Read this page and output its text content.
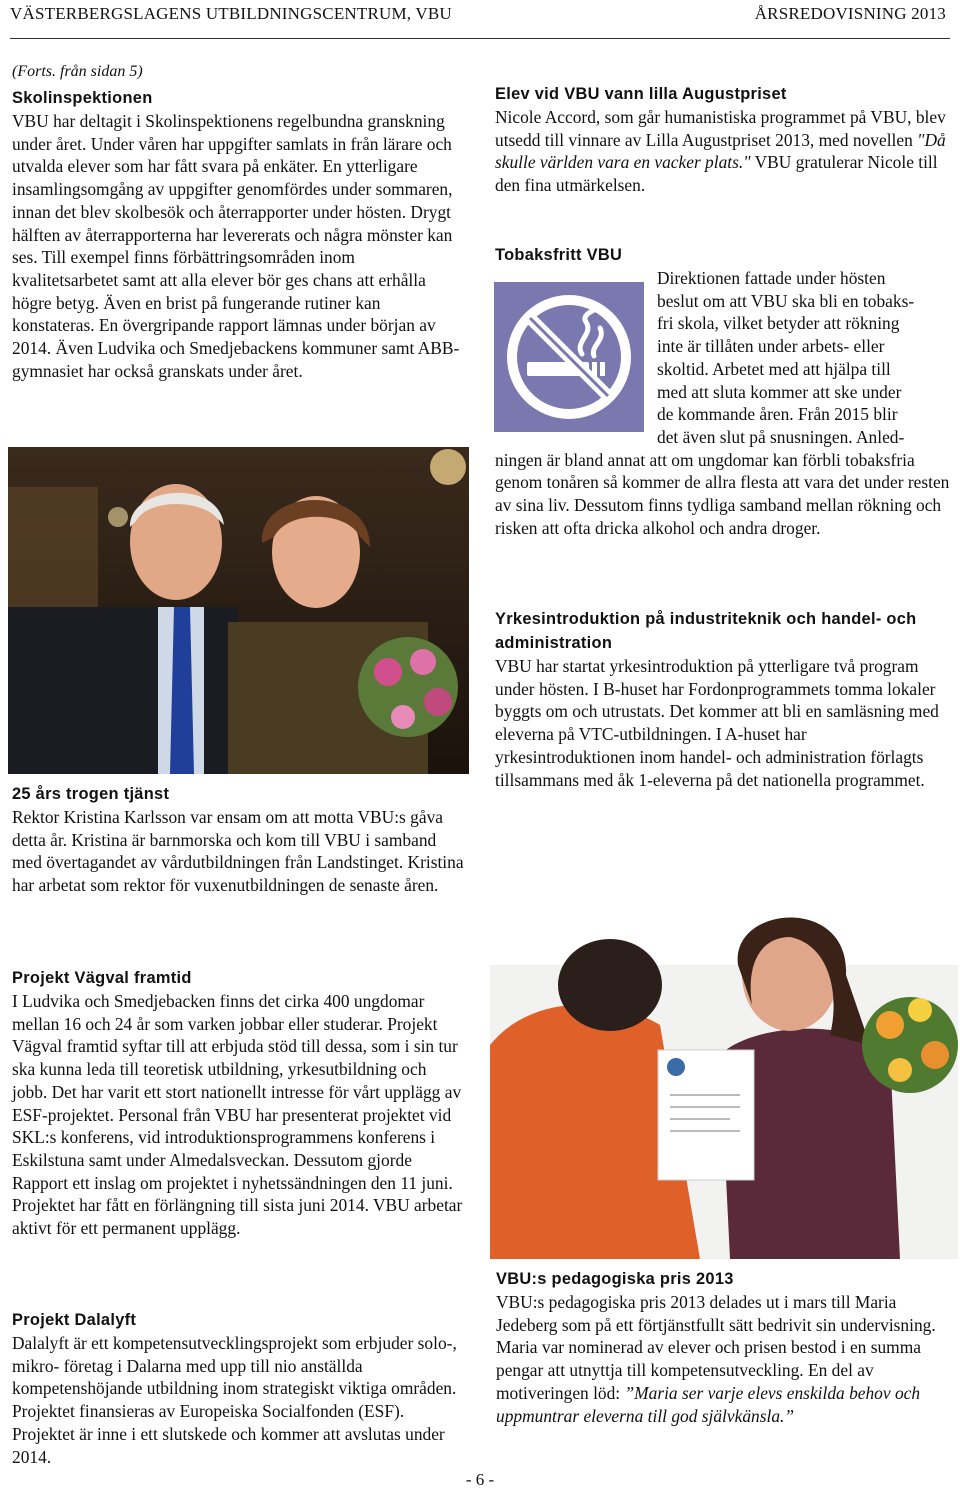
VÄSTERBERGSLAGENS UTBILDNINGSCENTRUM, VBU	ÅRSREDOVISNING 2013
(Forts. från sidan 5)
Skolinspektionen

VBU har deltagit i Skolinspektionens regelbundna granskning under året. Under våren har uppgifter samlats in från lärare och utvalda elever som har fått svara på enkäter. En ytterligare insamlingsomgång av uppgifter genomfördes under sommaren, innan det blev skolbesök och återrapporter under hösten. Drygt hälften av återrapporterna har levererats och några mönster kan ses. Till exempel finns förbättringsområden inom kvalitetsarbetet samt att alla elever bör ges chans att erhålla högre betyg. Även en brist på fungerande rutiner kan konstateras. En övergripande rapport lämnas under början av 2014. Även Ludvika och Smedjebackens kommuner samt ABB-gymnasiet har också granskats under året.

Elev vid VBU vann lilla Augustpriset

Nicole Accord, som går humanistiska programmet på VBU, blev utsedd till vinnare av Lilla Augustpriset 2013, med novellen "Då skulle världen vara en vacker plats." VBU gratulerar Nicole till den fina utmärkelsen.

Tobaksfritt VBU
Direktionen fattade under hösten
beslut om att VBU ska bli en tobaks-
fri skola, vilket betyder att rökning
inte är tillåten under arbets- eller
skoltid. Arbetet med att hjälpa till
med att sluta kommer att ske under
de kommande åren. Från 2015 blir
det även slut på snusningen. Anled-

ningen är bland annat att om ungdomar kan förbli tobaksfria genom tonåren så kommer de allra flesta att vara det under resten av sina liv. Dessutom finns tydliga samband mellan rökning och risken att ofta dricka alkohol och andra droger.

25 års trogen tjänst

Rektor Kristina Karlsson var ensam om att motta VBU:s gåva detta år. Kristina är barnmorska och kom till VBU i samband med övertagandet av vårdutbildningen från Landstinget. Kristina har arbetat som rektor för vuxenutbildningen de senaste åren.

Yrkesintroduktion på industriteknik och handel- och administration

VBU har startat yrkesintroduktion på ytterligare två program under hösten. I B-huset har Fordonprogrammets tomma lokaler byggts om och utrustats. Det kommer att bli en samläsning med eleverna på VTC-utbildningen. I A-huset har yrkesintroduktionen inom handel- och administration förlagts tillsammans med åk 1-eleverna på det nationella programmet.

Projekt Vägval framtid

I Ludvika och Smedjebacken finns det cirka 400 ungdomar mellan 16 och 24 år som varken jobbar eller studerar. Projekt Vägval framtid syftar till att erbjuda stöd till dessa, som i sin tur ska kunna leda till teoretisk utbildning, yrkesutbildning och jobb. Det har varit ett stort nationellt intresse för vårt upplägg av ESF-projektet. Personal från VBU har presenterat projektet vid SKL:s konferens, vid introduktionsprogrammens konferens i Eskilstuna samt under Almedalsveckan. Dessutom gjorde Rapport ett inslag om projektet i nyhetssändningen den 11 juni. Projektet har fått en förlängning till sista juni 2014. VBU arbetar aktivt för ett permanent upplägg.

Projekt Dalalyft

Dalalyft är ett kompetensutvecklingsprojekt som erbjuder solo-, mikro- företag i Dalarna med upp till nio anställda kompetenshöjande utbildning inom strategiskt viktiga områden. Projektet finansieras av Europeiska Socialfonden (ESF). Projektet är inne i ett slutskede och kommer att avslutas under 2014.

VBU:s pedagogiska pris 2013

VBU:s pedagogiska pris 2013 delades ut i mars till Maria Jedeberg som på ett förtjänstfullt sätt bedrivit sin undervisning. Maria var nominerad av elever och prisen bestod i en summa pengar att utnyttja till kompetensutveckling. En del av motiveringen löd: ”Maria ser varje elevs enskilda behov och uppmuntrar eleverna till god självkänsla.”

- 6 -
